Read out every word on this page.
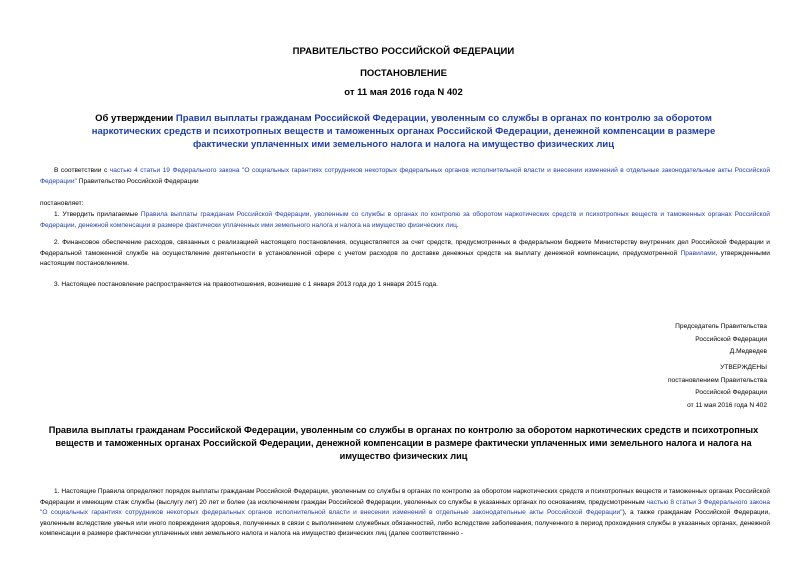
ПРАВИТЕЛЬСТВО РОССИЙСКОЙ ФЕДЕРАЦИИ
ПОСТАНОВЛЕНИЕ
от 11 мая 2016 года N 402
Об утверждении Правил выплаты гражданам Российской Федерации, уволенным со службы в органах по контролю за оборотом наркотических средств и психотропных веществ и таможенных органах Российской Федерации, денежной компенсации в размере фактически уплаченных ими земельного налога и налога на имущество физических лиц
В соответствии с частью 4 статьи 19 Федерального закона "О социальных гарантиях сотрудников некоторых федеральных органов исполнительной власти и внесении изменений в отдельные законодательные акты Российской Федерации" Правительство Российской Федерации
постановляет:
1. Утвердить прилагаемые Правила выплаты гражданам Российской Федерации, уволенным со службы в органах по контролю за оборотом наркотических средств и психотропных веществ и таможенных органах Российской Федерации, денежной компенсации в размере фактически уплаченных ими земельного налога и налога на имущество физических лиц.
2. Финансовое обеспечение расходов, связанных с реализацией настоящего постановления, осуществляется за счет средств, предусмотренных в федеральном бюджете Министерству внутренних дел Российской Федерации и Федеральной таможенной службе на осуществление деятельности в установленной сфере с учетом расходов по доставке денежных средств на выплату денежной компенсации, предусмотренной Правилами, утвержденными настоящим постановлением.
3. Настоящее постановление распространяется на правоотношения, возникшие с 1 января 2013 года до 1 января 2015 года.
Председатель Правительства
Российской Федерации
Д.Медведев
УТВЕРЖДЕНЫ
постановлением Правительства
Российской Федерации
от 11 мая 2016 года N 402
Правила выплаты гражданам Российской Федерации, уволенным со службы в органах по контролю за оборотом наркотических средств и психотропных веществ и таможенных органах Российской Федерации, денежной компенсации в размере фактически уплаченных ими земельного налога и налога на имущество физических лиц
1. Настоящие Правила определяют порядок выплаты гражданам Российской Федерации, уволенным со службы в органах по контролю за оборотом наркотических средств и психотропных веществ и таможенных органах Российской Федерации и имеющим стаж службы (выслугу лет) 20 лет и более (за исключением граждан Российской Федерации, уволенных со службы в указанных органах по основаниям, предусмотренным частью 8 статьи 3 Федерального закона "О социальных гарантиях сотрудников некоторых федеральных органов исполнительной власти и внесении изменений в отдельные законодательные акты Российской Федерации"), а также гражданам Российской Федерации, уволенным вследствие увечья или иного повреждения здоровья, полученных в связи с выполнением служебных обязанностей, либо вследствие заболевания, полученного в период прохождения службы в указанных органах, денежной компенсации в размере фактически уплаченных ими земельного налога и налога на имущество физических лиц (далее соответственно -
